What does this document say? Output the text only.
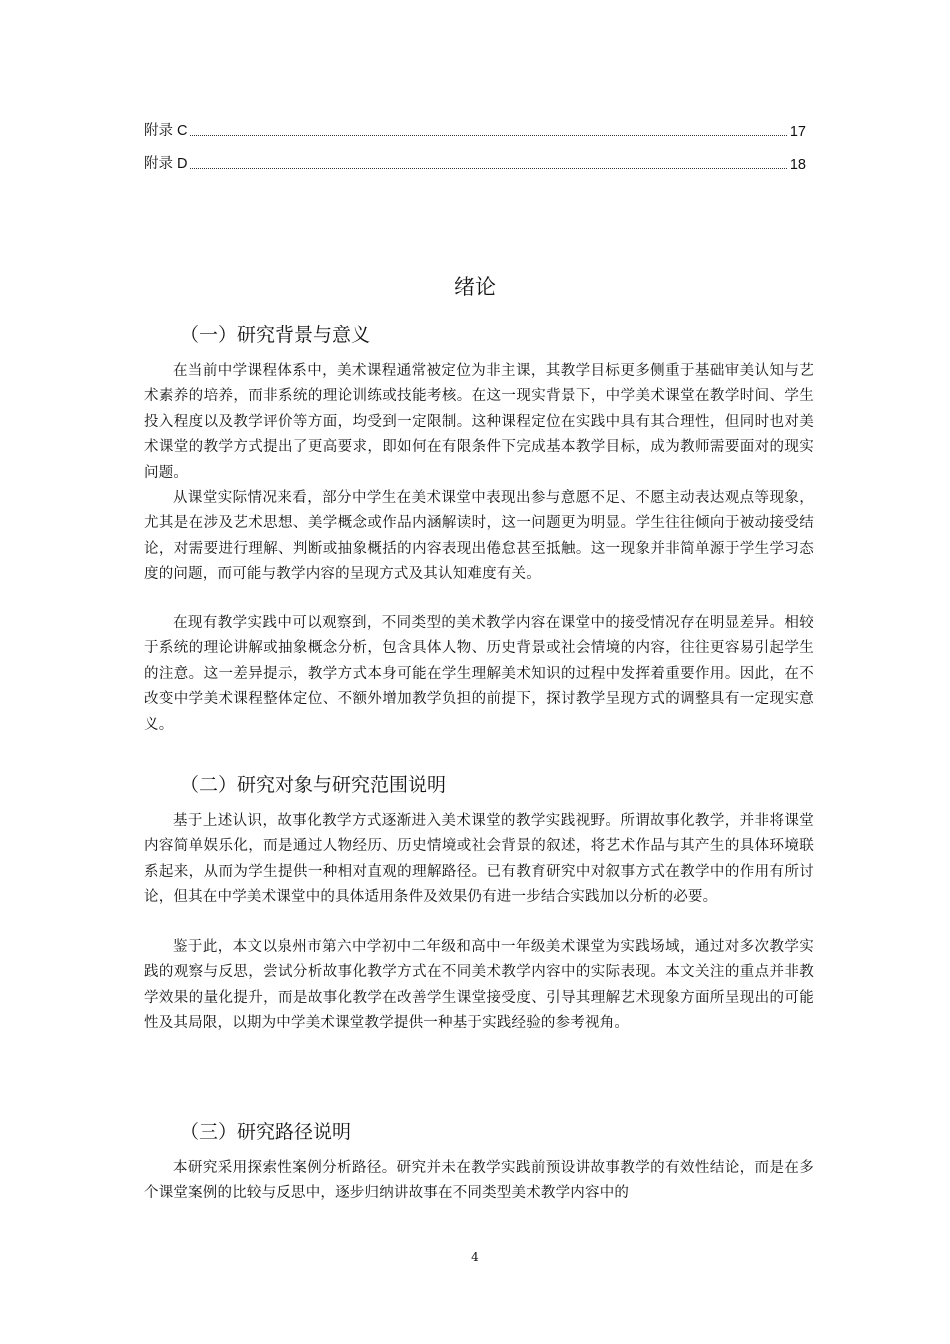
附录 C	17
附录 D	18
绪论
（一）研究背景与意义

在当前中学课程体系中，美术课程通常被定位为非主课，其教学目标更多侧重于基础审美认知与艺术素养的培养，而非系统的理论训练或技能考核。在这一现实背景下，中学美术课堂在教学时间、学生投入程度以及教学评价等方面，均受到一定限制。这种课程定位在实践中具有其合理性，但同时也对美术课堂的教学方式提出了更高要求，即如何在有限条件下完成基本教学目标，成为教师需要面对的现实问题。

从课堂实际情况来看，部分中学生在美术课堂中表现出参与意愿不足、不愿主动表达观点等现象，尤其是在涉及艺术思想、美学概念或作品内涵解读时，这一问题更为明显。学生往往倾向于被动接受结论，对需要进行理解、判断或抽象概括的内容表现出倦怠甚至抵触。这一现象并非简单源于学生学习态度的问题，而可能与教学内容的呈现方式及其认知难度有关。

在现有教学实践中可以观察到，不同类型的美术教学内容在课堂中的接受情况存在明显差异。相较于系统的理论讲解或抽象概念分析，包含具体人物、历史背景或社会情境的内容，往往更容易引起学生的注意。这一差异提示，教学方式本身可能在学生理解美术知识的过程中发挥着重要作用。因此，在不改变中学美术课程整体定位、不额外增加教学负担的前提下，探讨教学呈现方式的调整具有一定现实意义。

（二）研究对象与研究范围说明

基于上述认识，故事化教学方式逐渐进入美术课堂的教学实践视野。所谓故事化教学，并非将课堂内容简单娱乐化，而是通过人物经历、历史情境或社会背景的叙述，将艺术作品与其产生的具体环境联系起来，从而为学生提供一种相对直观的理解路径。已有教育研究中对叙事方式在教学中的作用有所讨论，但其在中学美术课堂中的具体适用条件及效果仍有进一步结合实践加以分析的必要。

鉴于此，本文以泉州市第六中学初中二年级和高中一年级美术课堂为实践场域，通过对多次教学实践的观察与反思，尝试分析故事化教学方式在不同美术教学内容中的实际表现。本文关注的重点并非教学效果的量化提升，而是故事化教学在改善学生课堂接受度、引导其理解艺术现象方面所呈现出的可能性及其局限，以期为中学美术课堂教学提供一种基于实践经验的参考视角。

（三）研究路径说明

本研究采用探索性案例分析路径。研究并未在教学实践前预设讲故事教学的有效性结论，而是在多个课堂案例的比较与反思中，逐步归纳讲故事在不同类型美术教学内容中的

4
